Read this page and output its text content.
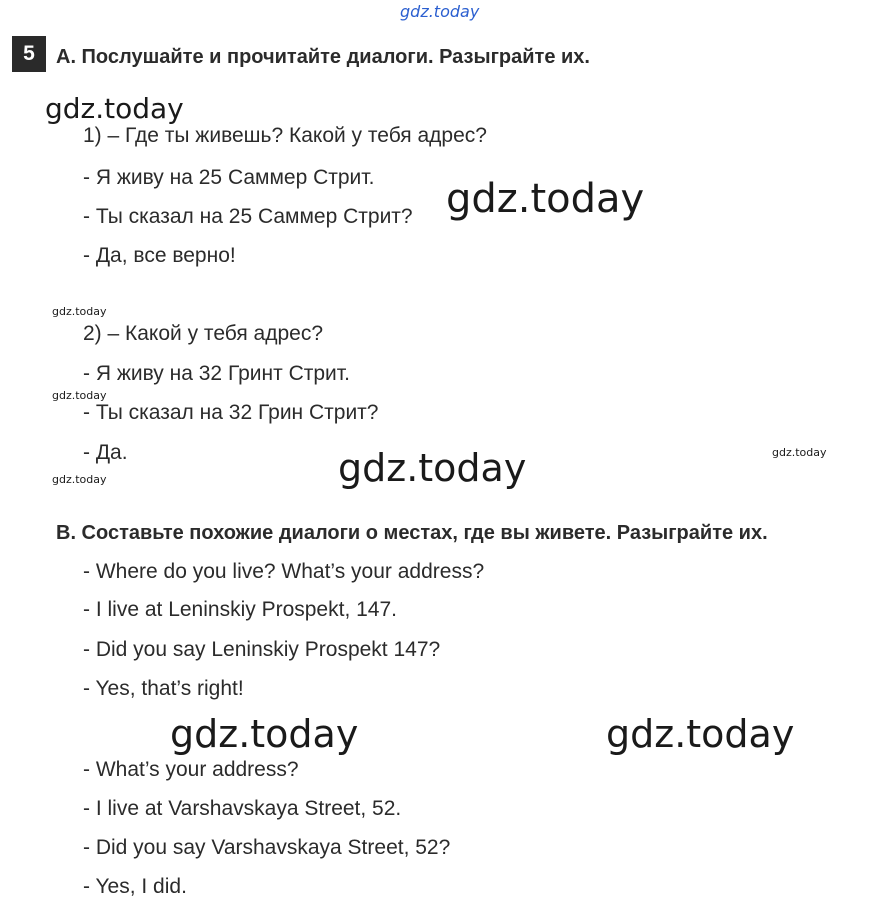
gdz.today
5	A. Послушайте и прочитайте диалоги. Разыграйте их.
gdz.today
1) – Где ты живешь? Какой у тебя адрес?
- Я живу на 25 Саммер Стрит.
- Ты сказал на 25 Саммер Стрит?
- Да, все верно!
gdz.today
gdz.today
2) – Какой у тебя адрес?
- Я живу на 32 Гринт Стрит.
gdz.today
- Ты сказал на 32 Грин Стрит?
- Да.	gdz.today
gdz.today
gdz.today
B. Составьте похожие диалоги о местах, где вы живете. Разыграйте их.
- Where do you live? What’s your address?
- I live at Leninskiy Prospekt, 147.
- Did you say Leninskiy Prospekt 147?
- Yes, that’s right!
gdz.today	gdz.today
- What’s your address?
- I live at Varshavskaya Street, 52.
- Did you say Varshavskaya Street, 52?
- Yes, I did.
